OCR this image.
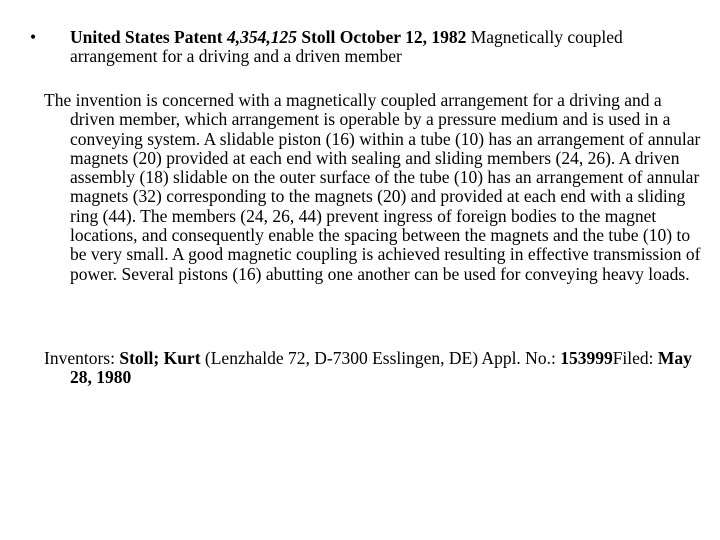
•	United States Patent 4,354,125 Stoll October 12, 1982 Magnetically coupled arrangement for a driving and a driven member

The invention is concerned with a magnetically coupled arrangement for a driving and a driven member, which arrangement is operable by a pressure medium and is used in a conveying system. A slidable piston (16) within a tube (10) has an arrangement of annular magnets (20) provided at each end with sealing and sliding members (24, 26). A driven assembly (18) slidable on the outer surface of the tube (10) has an arrangement of annular magnets (32) corresponding to the magnets (20) and provided at each end with a sliding ring (44). The members (24, 26, 44) prevent ingress of foreign bodies to the magnet locations, and consequently enable the spacing between the magnets and the tube (10) to be very small. A good magnetic coupling is achieved resulting in effective transmission of power. Several pistons (16) abutting one another can be used for conveying heavy loads.

Inventors: Stoll; Kurt (Lenzhalde 72, D-7300 Esslingen, DE) Appl. No.: 153999Filed: May 28, 1980
